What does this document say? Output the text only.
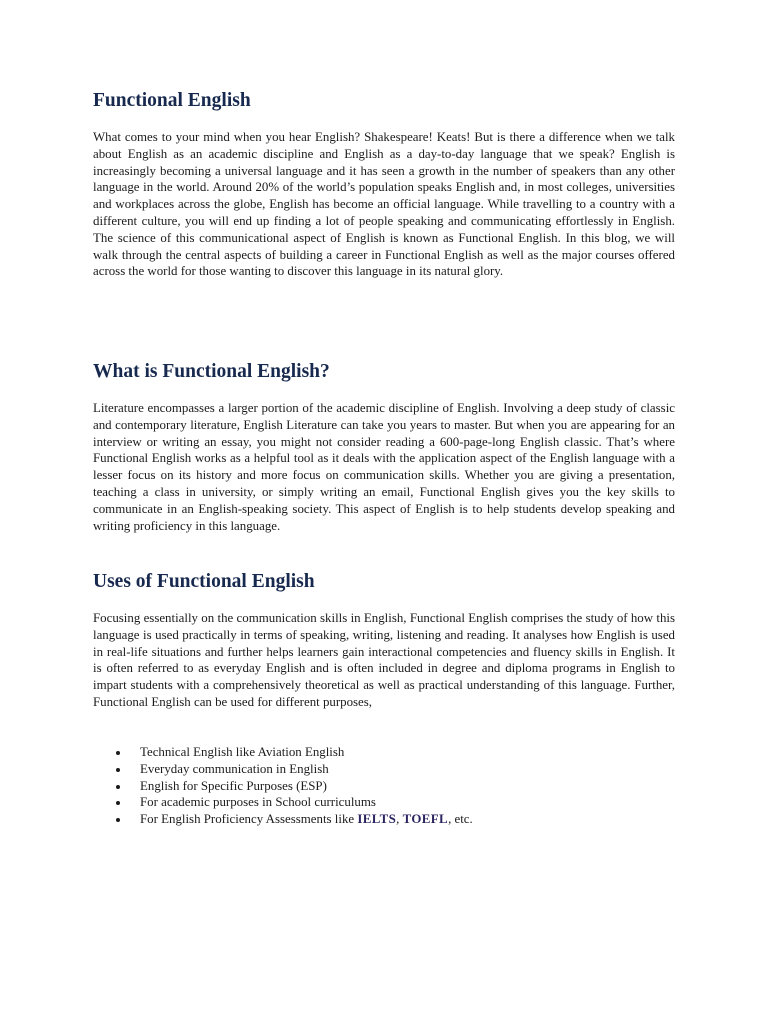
Functional English

What comes to your mind when you hear English? Shakespeare! Keats! But is there a difference when we talk about English as an academic discipline and English as a day-to-day language that we speak? English is increasingly becoming a universal language and it has seen a growth in the number of speakers than any other language in the world. Around 20% of the world’s population speaks English and, in most colleges, universities and workplaces across the globe, English has become an official language. While travelling to a country with a different culture, you will end up finding a lot of people speaking and communicating effortlessly in English. The science of this communicational aspect of English is known as Functional English. In this blog, we will walk through the central aspects of building a career in Functional English as well as the major courses offered across the world for those wanting to discover this language in its natural glory.

What is Functional English?

Literature encompasses a larger portion of the academic discipline of English. Involving a deep study of classic and contemporary literature, English Literature can take you years to master. But when you are appearing for an interview or writing an essay, you might not consider reading a 600-page-long English classic. That’s where Functional English works as a helpful tool as it deals with the application aspect of the English language with a lesser focus on its history and more focus on communication skills. Whether you are giving a presentation, teaching a class in university, or simply writing an email, Functional English gives you the key skills to communicate in an English-speaking society. This aspect of English is to help students develop speaking and writing proficiency in this language.

Uses of Functional English

Focusing essentially on the communication skills in English, Functional English comprises the study of how this language is used practically in terms of speaking, writing, listening and reading. It analyses how English is used in real-life situations and further helps learners gain interactional competencies and fluency skills in English. It is often referred to as everyday English and is often included in degree and diploma programs in English to impart students with a comprehensively theoretical as well as practical understanding of this language. Further, Functional English can be used for different purposes,

Technical English like Aviation English
Everyday communication in English
English for Specific Purposes (ESP)
For academic purposes in School curriculums
For English Proficiency Assessments like IELTS, TOEFL, etc.
